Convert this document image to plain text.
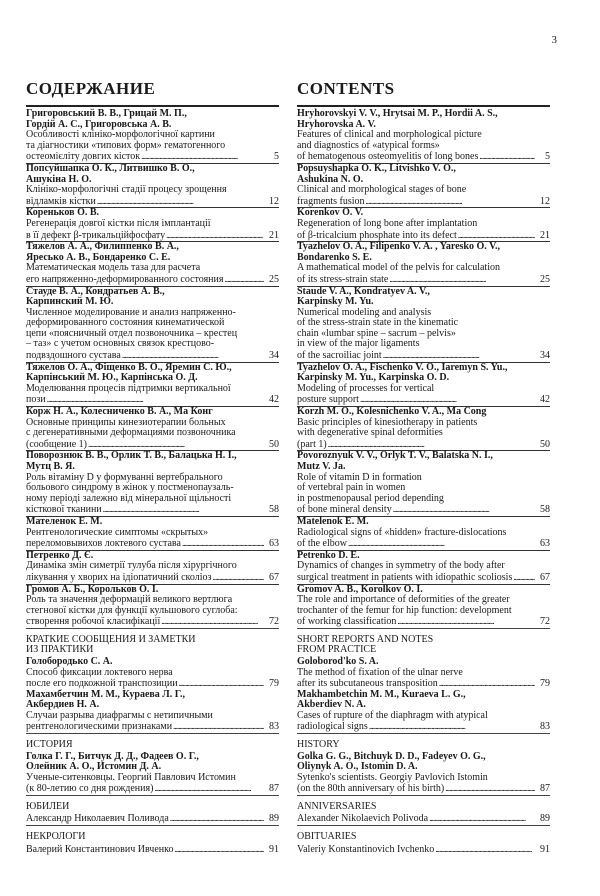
3
СОДЕРЖАНИЕ
Григоровський В. В., Грицай М. П.,
Гордій А. С., Григоровська А. В.
Особливості клініко-морфологічної картини
та діагностики «типових форм» гематогенного
остеомієліту довгих кісток . . .	5
Попсуйшапка О. К., Литвишко В. О.,
Ашукіна Н. О.
Клініко-морфологічні стадії процесу зрощення
відламків кістки . . .	12
Кореньков О. В.
Регенерація довгої кістки після імплантації
в її дефект β-трикальційфосфату . . .	21
Тяжелов А. А., Филиппенко В. А.,
Яресько А. В., Бондаренко С. Е.
Математическая модель таза для расчета
его напряженно-деформированного состояния . . .	25
Стауде В. А., Кондратьев А. В.,
Карпинский М. Ю.
Численное моделирование и анализ напряженно-
деформированного состояния кинематической
цепи «поясничный отдел позвоночника – крестец
– таз» с учетом основных связок крестцово-
подвздошного сустава . . .	34
Тяжелов О. А., Фіщенко В. О., Яремин С. Ю.,
Карпінський М. Ю., Карпінська О. Д.
Моделювання процесів підтримки вертикальної
пози . . .	42
Корж Н. А., Колесниченко В. А., Ма Конг
Основные принципы кинезиотерапии больных
с дегенеративными деформациями позвоночника
(сообщение 1) . . .	50
Поворознюк В. В., Орлик Т. В., Балацька Н. І.,
Мутц В. Я.
Роль вітаміну D у формуванні вертебрального
больового синдрому в жінок у постменопаузаль-
ному періоді залежно від мінеральної щільності
кісткової тканини . . .	58
Мателенок Е. М.
Рентгенологические симптомы «скрытых»
переломовывихов локтевого сустава . . .	63
Петренко Д. Є.
Динаміка змін симетрії тулуба після хірургічного
лікування у хворих на ідіопатичний сколіоз . . .	67
Громов А. Б., Корольков О. І.
Роль та значення деформацій великого вертлюга
стегнової кістки для функції кульшового суглоба:
створення робочої класифікації . . .	72
КРАТКИЕ СООБЩЕНИЯ И ЗАМЕТКИ
ИЗ ПРАКТИКИ
Голобородько С. А.
Способ фиксации локтевого нерва
после его подкожной транспозиции . . .	79
Махамбетчин М. М., Кураева Л. Г.,
Акбердиев Н. А.
Случаи разрыва диафрагмы с нетипичными
рентгенологическими признаками . . .	83
ИСТОРИЯ
Голка Г. Г., Битчук Д. Д., Фадеев О. Г.,
Олейник А. О., Истомин Д. А.
Ученые-ситенковцы. Георгий Павлович Истомин
(к 80-летию со дня рождения) . . .	87
ЮБИЛЕИ
Александр Николаевич Поливода . . .	89
НЕКРОЛОГИ
Валерий Константинович Ивченко . . .	91
CONTENTS
Hryhorovskyi V. V., Hrytsai M. P., Hordii A. S.,
Hryhorovska A. V.
Features of clinical and morphological picture
and diagnostics of «atypical forms»
of hematogenous osteomyelitis of long bones . . .	5
Popsuyshapka O. K., Litvishko V. O.,
Ashukina N. O.
Clinical and morphological stages of bone
fragments fusion . . .	12
Korenkov O. V.
Regeneration of long bone after implantation
of β-tricalcium phosphate into its defect . . .	21
Tyazhelov O. A., Filipenko V. A. , Yaresko O. V.,
Bondarenko S. E.
A mathematical model of the pelvis for calculation
of its stress-strain state . . .	25
Staude V. A., Kondratyev A. V.,
Karpinsky M. Yu.
Numerical modeling and analysis
of the stress-strain state in the kinematic
chain «lumbar spine – sacrum – pelvis»
in view of the major ligaments
of the sacroiliac joint . . .	34
Tyazhelov O. A., Fischenko V. O., Iaremyn S. Yu.,
Karpinsky M. Yu., Karpinska O. D.
Modeling of processes for vertical
posture support . . .	42
Korzh M. O., Kolesnichenko V. A., Ma Cong
Basic principles of kinesiotherapy in patients
with degenerative spinal deformities
(part 1) . . .	50
Povoroznyuk V. V., Orlyk T. V., Balatska N. I.,
Mutz V. Ja.
Role of vitamin D in formation
of vertebral pain in women
in postmenopausal period depending
of bone mineral density . . .	58
Matelenok E. M.
Radiological signs of «hidden» fracture-dislocations
of the elbow . . .	63
Petrenko D. E.
Dynamics of changes in symmetry of the body after
surgical treatment in patients with idiopathic scoliosis . . .	67
Gromov A. B., Korolkov O. I.
The role and importance of deformities of the greater
trochanter of the femur for hip function: development
of working classification . . .	72
SHORT REPORTS AND NOTES
FROM PRACTICE
Goloborod'ko S. A.
The method of fixation of the ulnar nerve
after its subcutaneous transposition . . .	79
Makhambetchin M. M., Kuraeva L. G.,
Akberdiev N. A.
Cases of rupture of the diaphragm with atypical
radiological signs . . .	83
HISTORY
Golka G. G., Bitchuyk D. D., Fadeyev O. G.,
Oliynyk A. O., Istomin D. A.
Sytenko's scientists. Georgiy Pavlovich Istomin
(on the 80th anniversary of his birth) . . .	87
ANNIVERSARIES
Alexander Nikolaevich Polivoda . . .	89
OBITUARIES
Valeriy Konstantinovich Ivchenko . . .	91
